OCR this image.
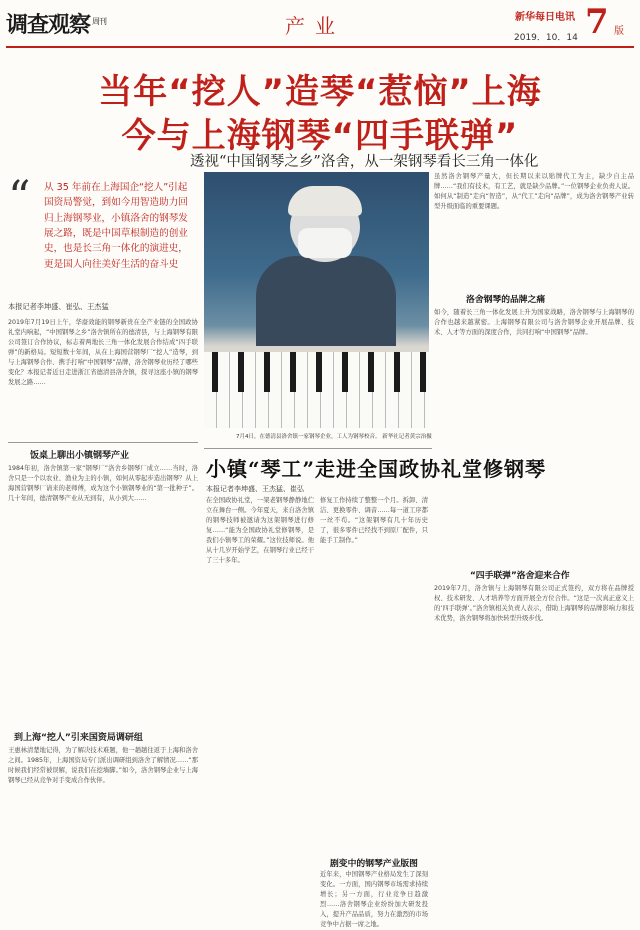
调查观察 $^{周刊}$	产业	新华每日电讯
2019．10．14 7 版
当年“挖人”造琴“惹恼”上海
今与上海钢琴“四手联弹”
透视“中国钢琴之乡”洛舍，从一架钢琴看长三角一体化
“ 从 35 年前在上海国企“挖人”引起国资局警觉，到如今用智造助力回归上海钢琴业，小镇洛舍的钢琴发展之路，既是中国草根制造的创业史，也是长三角一体化的演进史，更是国人向往美好生活的奋斗史
本报记者李坤盛、崔弘、王杰猛
2019年7月19日上午，华裔效能的钢琴新贵在全产业链的全国政协礼堂内响起，“中国钢琴之乡”洛舍镇所在的德清县，与上海钢琴有限公司签订合作协议，标志着两地长三角一体化发展合作结成“四手联弹”的新格局。短短数十年间，从在上海国营钢琴厂“挖人”造琴，到与上海钢琴合作、携手打响“中国钢琴”品牌，洛舍钢琴业历经了哪些变化？本报记者近日走进浙江省德清县洛舍镇，探寻这座小镇的钢琴发展之路……
饭桌上聊出小镇钢琴产业
1984年初，洛舍镇第一家“钢琴厂”洛舍乡钢琴厂成立……当时，洛舍只是一个以农业、渔业为主的小镇，如何从零起步造出钢琴？从上海国营钢琴厂请来的老师傅，成为这个小镇钢琴业的“第一批种子”。几十年间，德清钢琴产业从无到有，从小到大……
到上海“挖人”引来国资局调研组
王惠林清楚地记得，为了解决技术难题，他一趟趟往返于上海和洛舍之间。1985年，上海国资局专门派出调研组到洛舍了解情况……“那时候我们经常被误解，说我们在挖墙脚。”如今，洛舍钢琴企业与上海钢琴已经从竞争对手变成合作伙伴。
7月4日，在德清县洛舍镇一家钢琴企业，工人为钢琴校音。 新华社记者黄宗治摄
虽然洛舍钢琴产量大，但长期以来以贴牌代工为主，缺少自主品牌……“我们有技术，有工艺，就是缺少品牌。”一位钢琴企业负责人说。如何从“制造”走向“智造”，从“代工”走向“品牌”，成为洛舍钢琴产业转型升级面临的重要课题。
洛舍钢琴的品牌之痛
如今，随着长三角一体化发展上升为国家战略，洛舍钢琴与上海钢琴的合作也越来越紧密。上海钢琴有限公司与洛舍钢琴企业开展品牌、技术、人才等方面的深度合作，共同打响“中国钢琴”品牌。
“四手联弹”洛舍迎来合作
2019年7月，洛舍镇与上海钢琴有限公司正式签约，双方将在品牌授权、技术研发、人才培养等方面开展全方位合作。“这是一次真正意义上的‘四手联弹’。”洛舍镇相关负责人表示，借助上海钢琴的品牌影响力和技术优势，洛舍钢琴将加快转型升级步伐。
小镇“琴工”走进全国政协礼堂修钢琴
本报记者李坤盛、王杰猛、崔弘
在全国政协礼堂，一架老钢琴静静地伫立在舞台一侧。今年夏天，来自洛舍镇的钢琴技师被邀请为这架钢琴进行修复……“能为全国政协礼堂修钢琴，是我们小镇琴工的荣耀。”这位技师说。他从十几岁开始学艺，在钢琴行业已经干了三十多年。
修复工作持续了整整一个月。拆卸、清洁、更换零件、调音……每一道工序都一丝不苟。“这架钢琴有几十年历史了，很多零件已经找不到原厂配件，只能手工制作。”
剧变中的钢琴产业版图
近年来，中国钢琴产业格局发生了深刻变化。一方面，国内钢琴市场需求持续增长；另一方面，行业竞争日趋激烈……洛舍钢琴企业纷纷加大研发投入，提升产品品质，努力在激烈的市场竞争中占据一席之地。
